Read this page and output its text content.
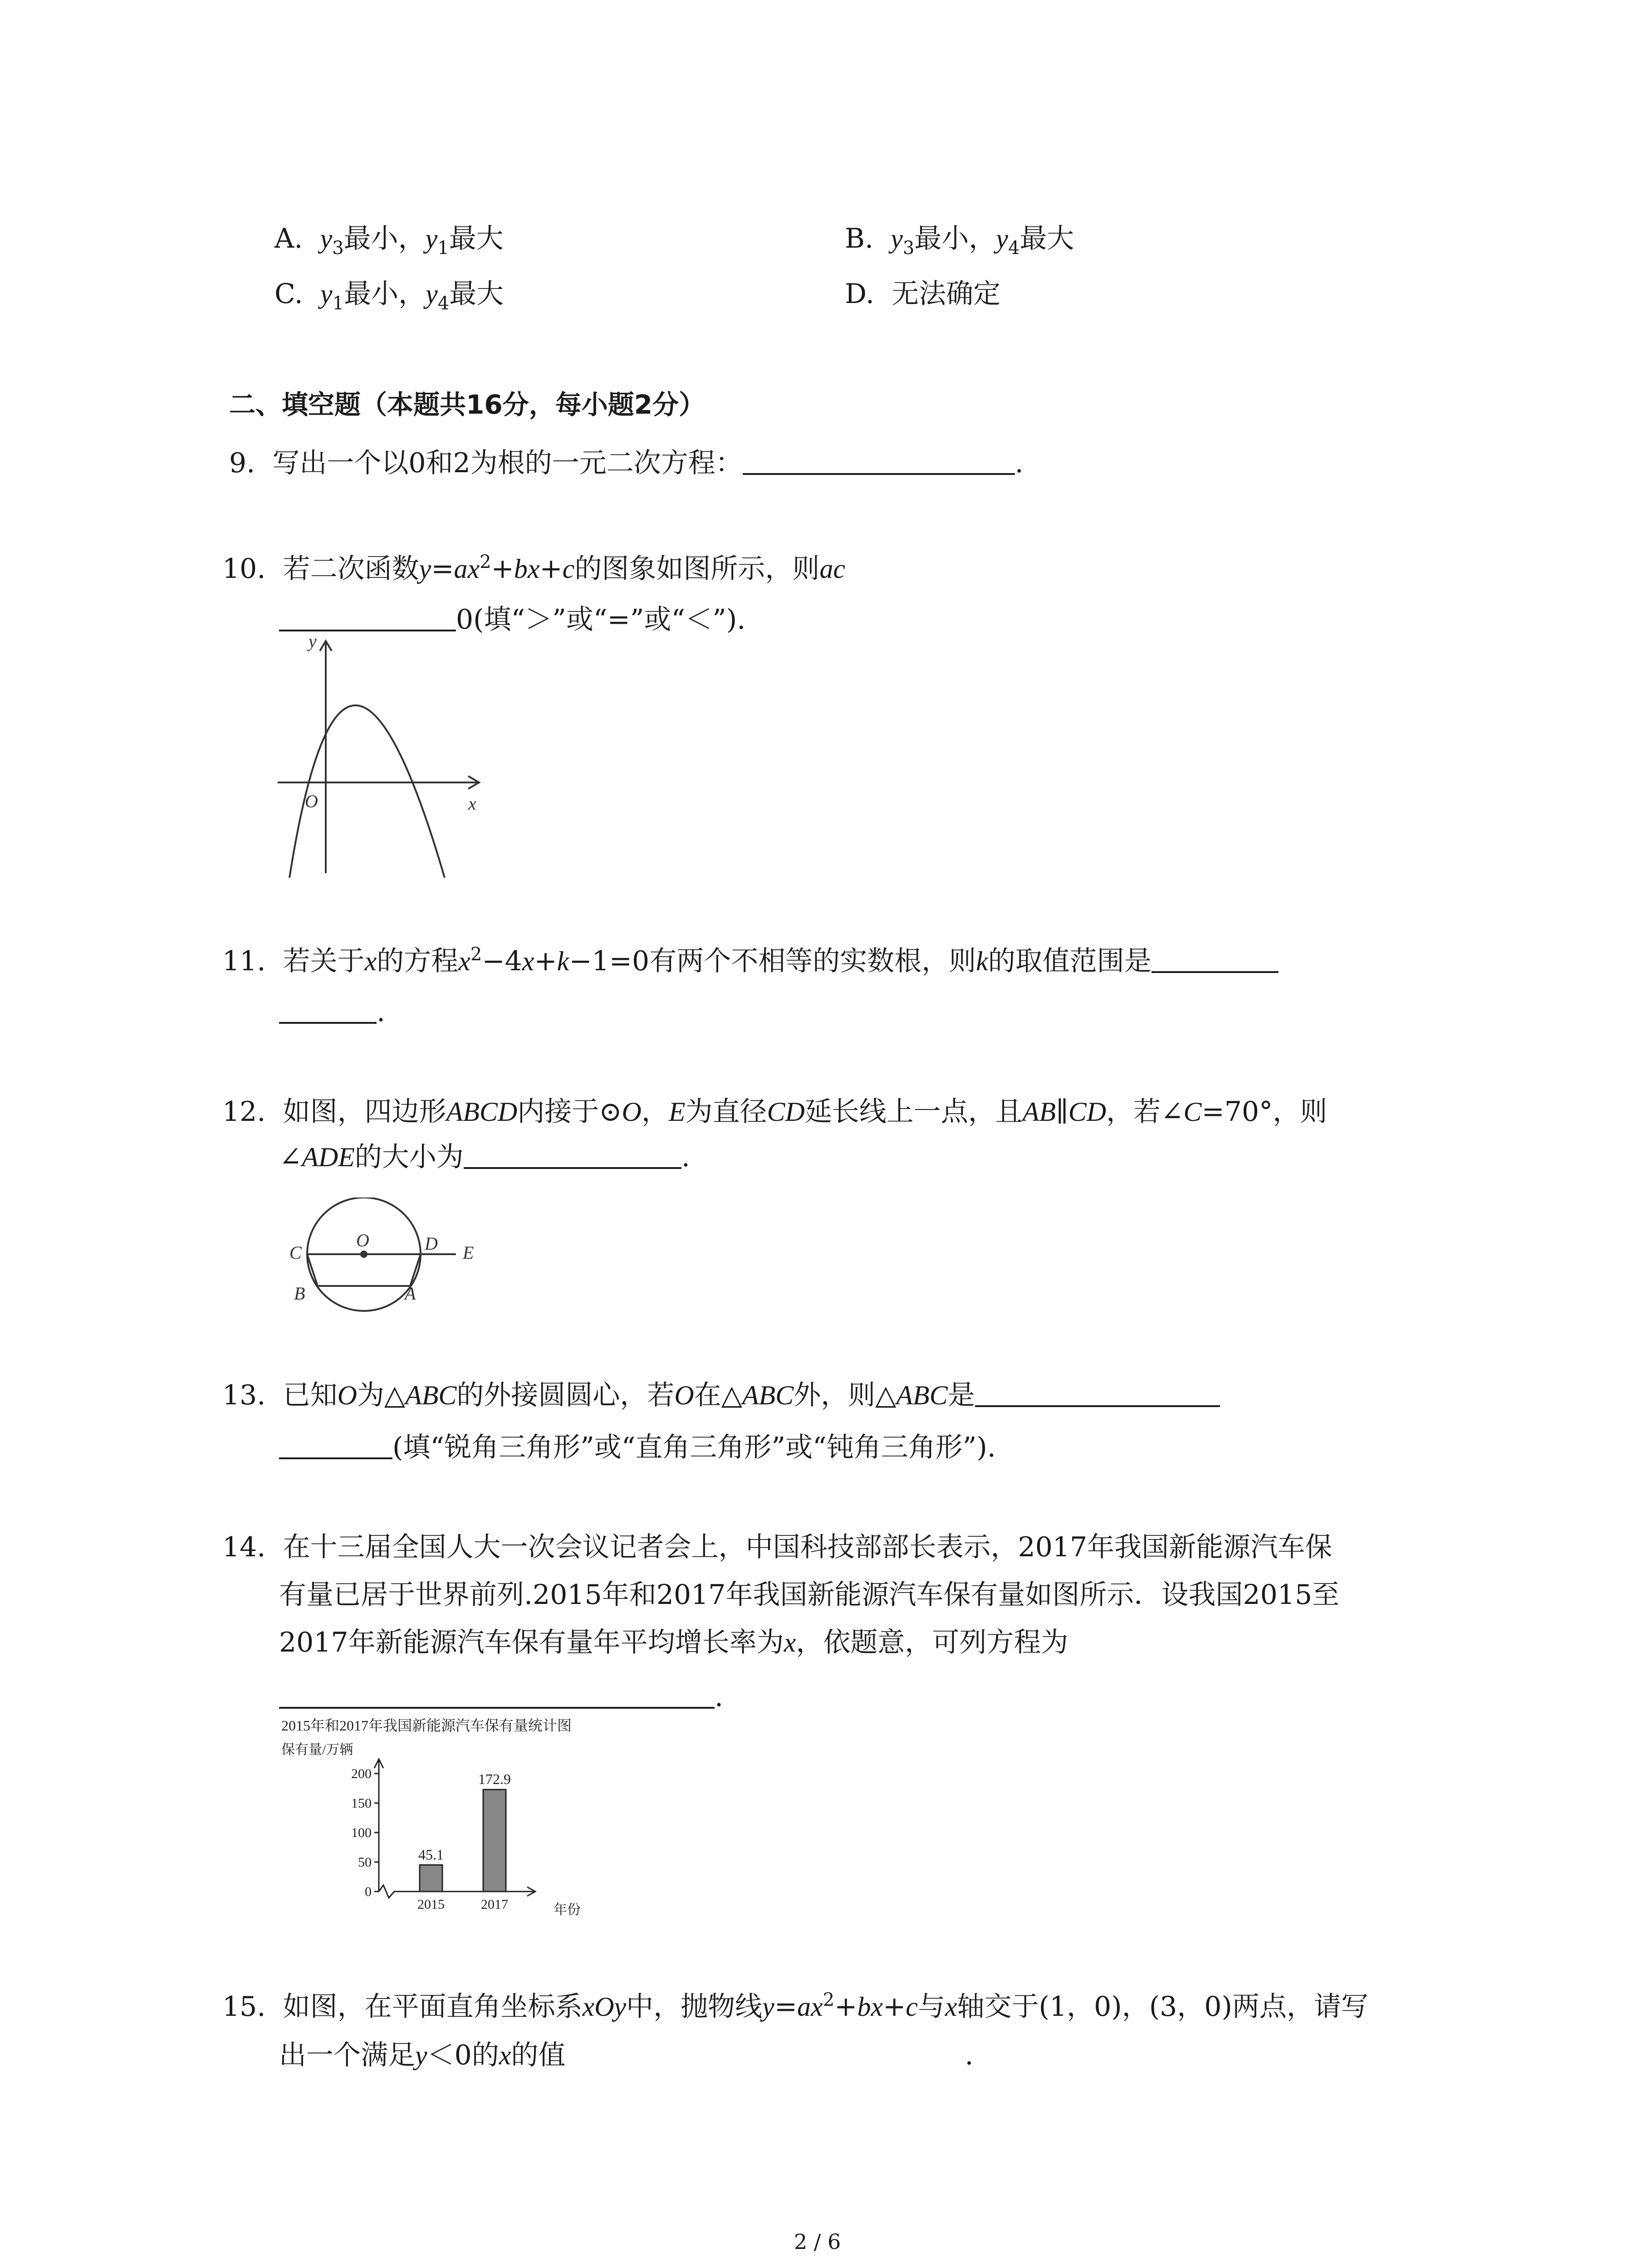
A. $y_3$最小，$y_1$最大	B. $y_3$最小，$y_4$最大
C. $y_1$最小，$y_4$最大	D. 无法确定
二、填空题（本题共16分，每小题2分）
9. 写出一个以0和2为根的一元二次方程：	.
10. 若二次函数$y=ax^2+bx+c$的图象如图所示，则ac
0(填“＞”或“=”或“＜”).
y
x
O
11. 若关于x的方程$x^2-4x+k-1=0$有两个不相等的实数根，则k的取值范围是
.
12. 如图，四边形ABCD内接于⊙O，E为直径CD延长线上一点，且AB∥CD，若∠C=70°，则
∠ADE的大小为	.
C
O	D E
B	A
13. 已知O为△ABC的外接圆圆心，若O在△ABC外，则△ABC是
(填“锐角三角形”或“直角三角形”或“钝角三角形”).
14. 在十三届全国人大一次会议记者会上，中国科技部部长表示，2017年我国新能源汽车保
有量已居于世界前列.2015年和2017年我国新能源汽车保有量如图所示．设我国2015至
2017年新能源汽车保有量年平均增长率为x，依题意，可列方程为
.
2015年和2017年我国新能源汽车保有量统计图
保有量/万辆
年份
0
50
100
150
200
45.1
2015
172.9
2017
15. 如图，在平面直角坐标系xOy中，抛物线$y=ax^2+bx+c$与x轴交于(1，0)，(3，0)两点，请写
出一个满足y＜0的x的值	.
2 / 6
